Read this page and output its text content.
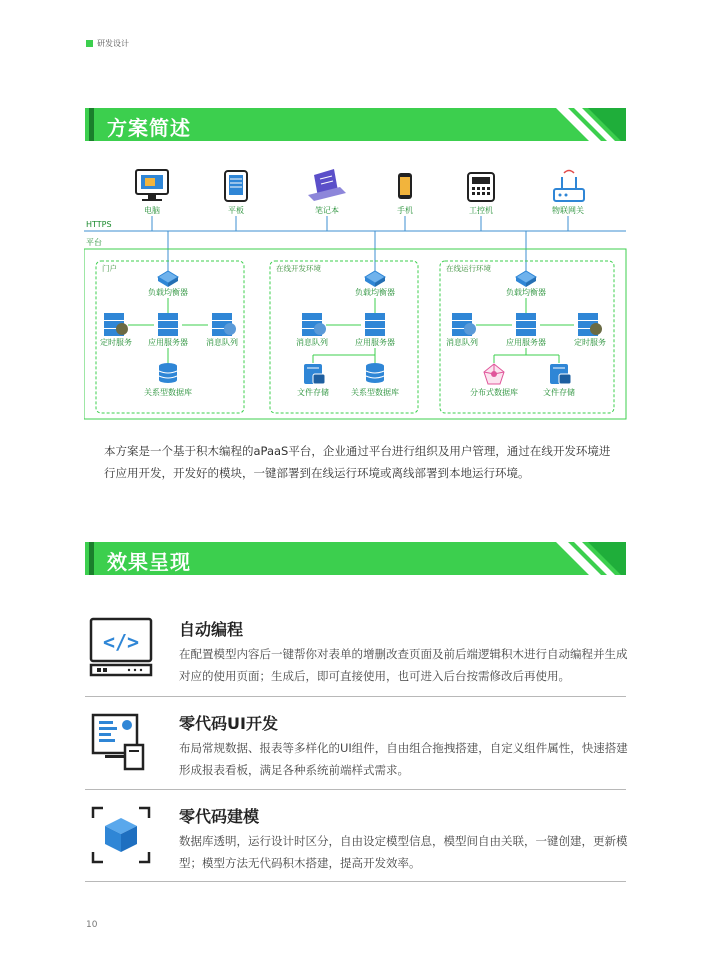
研发设计
方案简述
电脑	平板	笔记本	手机	工控机	物联网关
HTTPS
平台
门户
负载均衡器
定时服务 应用服务器 消息队列
关系型数据库
在线开发环境
负载均衡器
消息队列	应用服务器
文件存储	关系型数据库
在线运行环境
负载均衡器
消息队列	应用服务器	定时服务
分布式数据库	文件存储
本方案是一个基于积木编程的aPaaS平台，企业通过平台进行组织及用户管理，通过在线开发环境进行应用开发，开发好的模块，一键部署到在线运行环境或离线部署到本地运行环境。
效果呈现
</>
自动编程
在配置模型内容后一键帮你对表单的增删改查页面及前后端逻辑积木进行自动编程并生成对应的使用页面；生成后，即可直接使用，也可进入后台按需修改后再使用。
零代码UI开发
布局常规数据、报表等多样化的UI组件，自由组合拖拽搭建，自定义组件属性，快速搭建形成报表看板，满足各种系统前端样式需求。
零代码建模
数据库透明，运行设计时区分，自由设定模型信息，模型间自由关联，一键创建，更新模型；模型方法无代码积木搭建，提高开发效率。
10
